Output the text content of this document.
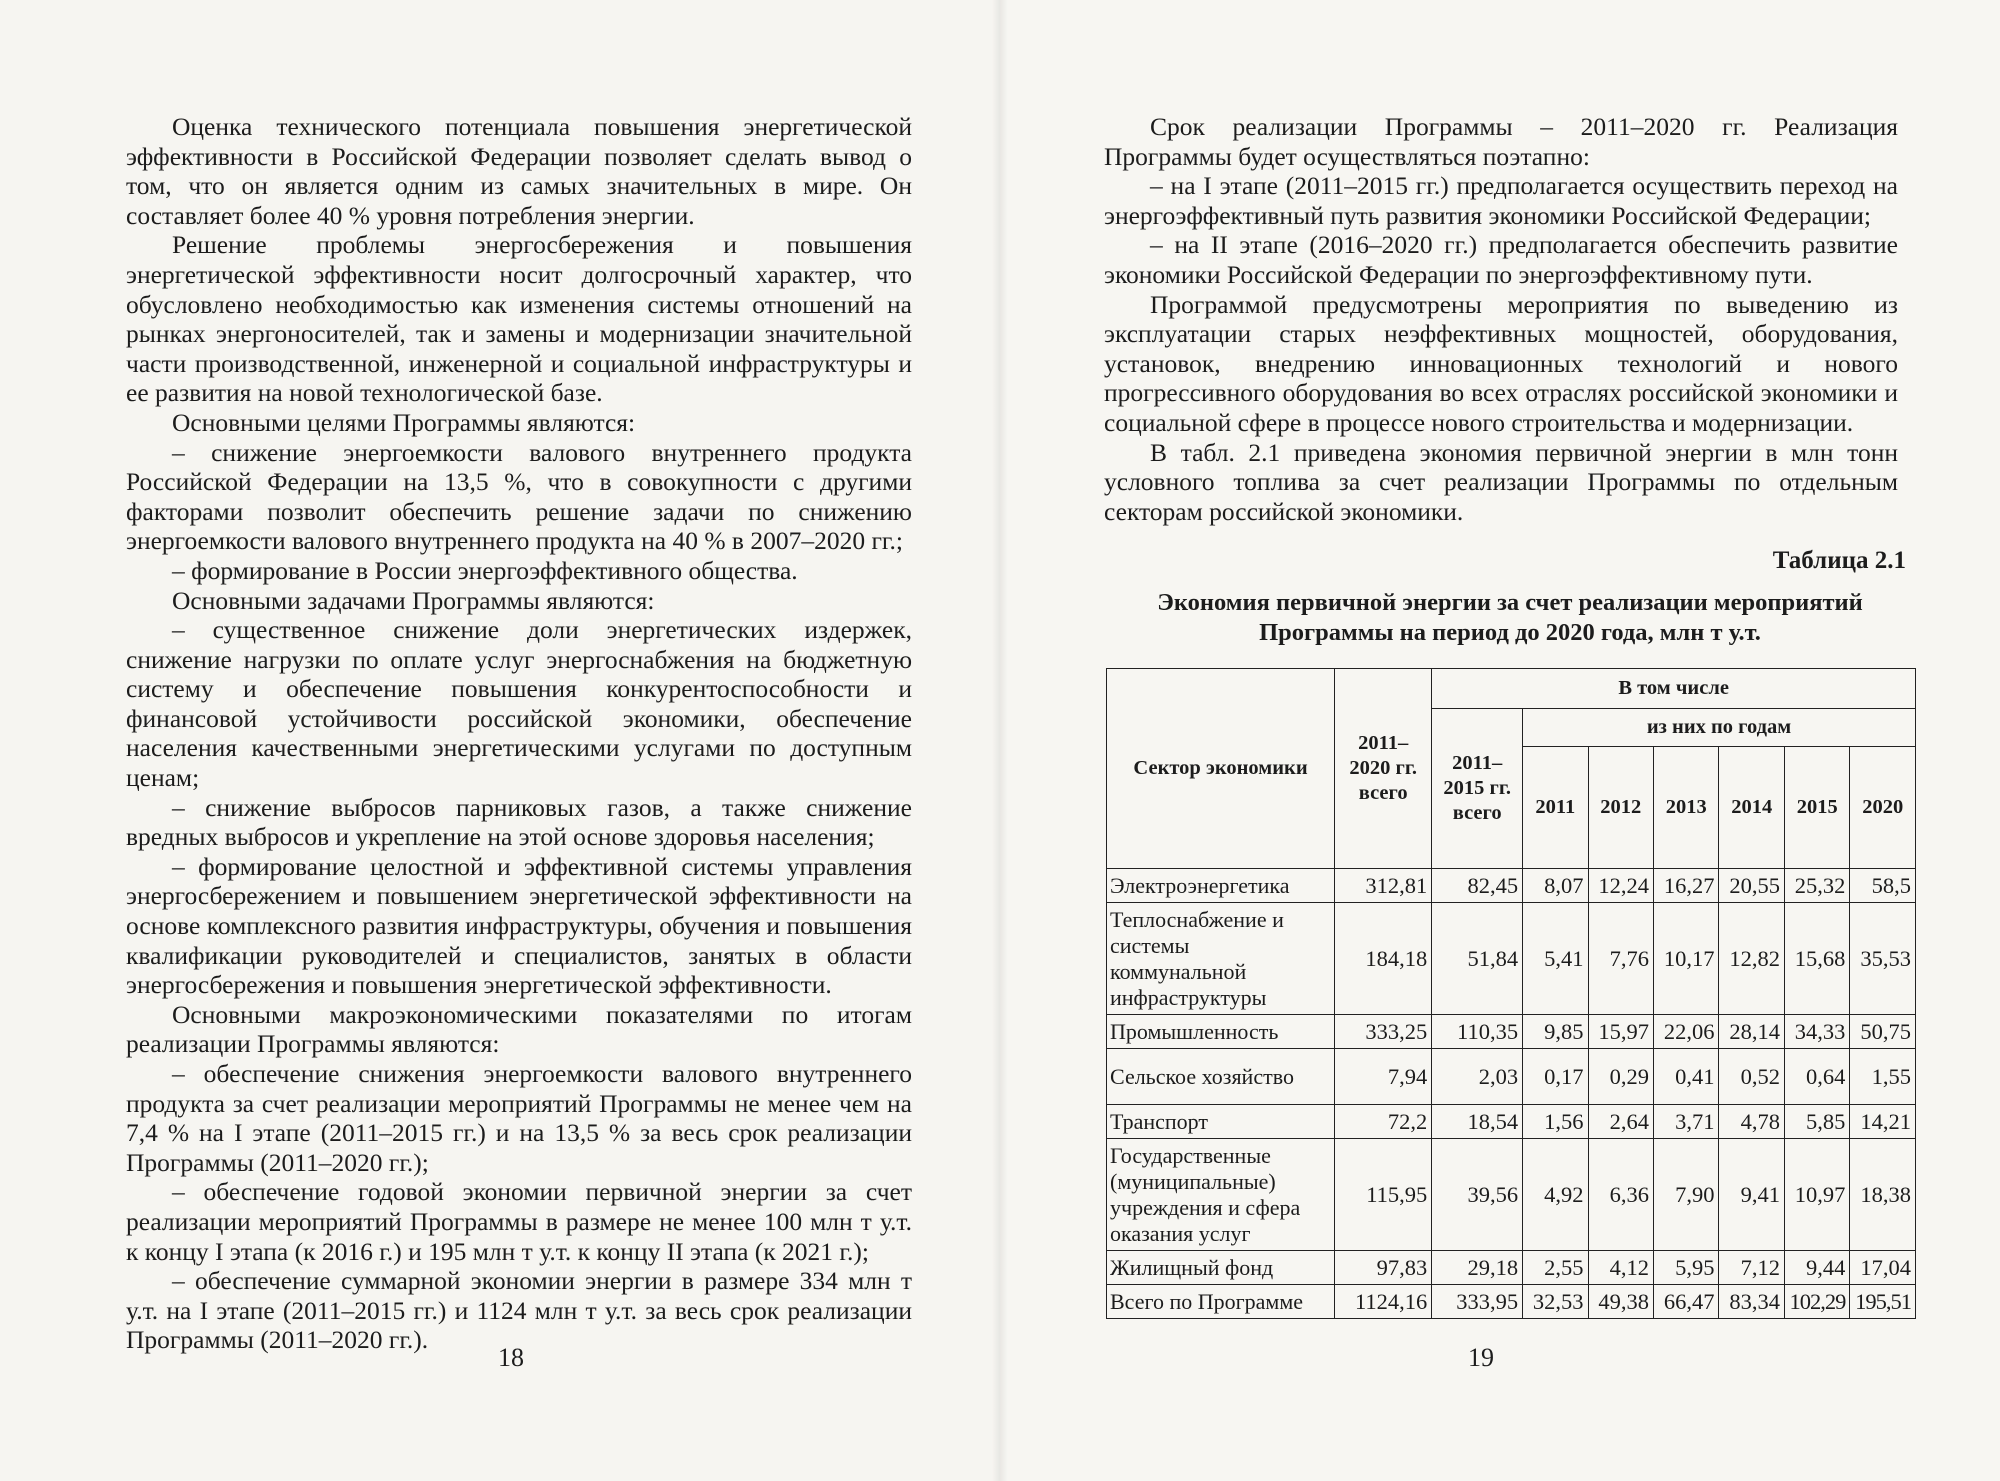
Оценка технического потенциала повышения энергетической эффективности в Российской Федерации позволяет сделать вывод о том, что он является одним из самых значительных в мире. Он составляет более 40 % уровня потребления энергии.

Решение проблемы энергосбережения и повышения энергетической эффективности носит долгосрочный характер, что обусловлено необходимостью как изменения системы отношений на рынках энергоносителей, так и замены и модернизации значительной части производственной, инженерной и социальной инфраструктуры и ее развития на новой технологической базе.

Основными целями Программы являются:

– снижение энергоемкости валового внутреннего продукта Российской Федерации на 13,5 %, что в совокупности с другими факторами позволит обеспечить решение задачи по снижению энергоемкости валового внутреннего продукта на 40 % в 2007–2020 гг.;

– формирование в России энергоэффективного общества.

Основными задачами Программы являются:

– существенное снижение доли энергетических издержек, снижение нагрузки по оплате услуг энергоснабжения на бюджетную систему и обеспечение повышения конкурентоспособности и финансовой устойчивости российской экономики, обеспечение населения качественными энергетическими услугами по доступным ценам;

– снижение выбросов парниковых газов, а также снижение вредных выбросов и укрепление на этой основе здоровья населения;

– формирование целостной и эффективной системы управления энергосбережением и повышением энергетической эффективности на основе комплексного развития инфраструктуры, обучения и повышения квалификации руководителей и специалистов, занятых в области энергосбережения и повышения энергетической эффективности.

Основными макроэкономическими показателями по итогам реализации Программы являются:

– обеспечение снижения энергоемкости валового внутреннего продукта за счет реализации мероприятий Программы не менее чем на 7,4 % на I этапе (2011–2015 гг.) и на 13,5 % за весь срок реализации Программы (2011–2020 гг.);

– обеспечение годовой экономии первичной энергии за счет реализации мероприятий Программы в размере не менее 100 млн т у.т. к концу I этапа (к 2016 г.) и 195 млн т у.т. к концу II этапа (к 2021 г.);

– обеспечение суммарной экономии энергии в размере 334 млн т у.т. на I этапе (2011–2015 гг.) и 1124 млн т у.т. за весь срок реализации Программы (2011–2020 гг.).

18

Срок реализации Программы – 2011–2020 гг. Реализация Программы будет осуществляться поэтапно:

– на I этапе (2011–2015 гг.) предполагается осуществить переход на энергоэффективный путь развития экономики Российской Федерации;

– на II этапе (2016–2020 гг.) предполагается обеспечить развитие экономики Российской Федерации по энергоэффективному пути.

Программой предусмотрены мероприятия по выведению из эксплуатации старых неэффективных мощностей, оборудования, установок, внедрению инновационных технологий и нового прогрессивного оборудования во всех отраслях российской экономики и социальной сфере в процессе нового строительства и модернизации.

В табл. 2.1 приведена экономия первичной энергии в млн тонн условного топлива за счет реализации Программы по отдельным секторам российской экономики.

Таблица 2.1
Экономия первичной энергии за счет реализации мероприятий Программы на период до 2020 года, млн т у.т.
Сектор экономики	2011–2020 гг. всего	В том числе						
		2011–2015 гг. всего	из них по годам					
			2011	2012	2013	2014	2015	2020
Электроэнергетика	312,81	82,45	8,07	12,24	16,27	20,55	25,32	58,5
Теплоснабжение и системы коммунальной инфраструктуры	184,18	51,84	5,41	7,76	10,17	12,82	15,68	35,53
Промышленность	333,25	110,35	9,85	15,97	22,06	28,14	34,33	50,75
Сельское хозяйство	7,94	2,03	0,17	0,29	0,41	0,52	0,64	1,55
Транспорт	72,2	18,54	1,56	2,64	3,71	4,78	5,85	14,21
Государственные (муниципальные) учреждения и сфера оказания услуг	115,95	39,56	4,92	6,36	7,90	9,41	10,97	18,38
Жилищный фонд	97,83	29,18	2,55	4,12	5,95	7,12	9,44	17,04
Всего по Программе	1124,16	333,95	32,53	49,38	66,47	83,34	102,29	195,51
19
